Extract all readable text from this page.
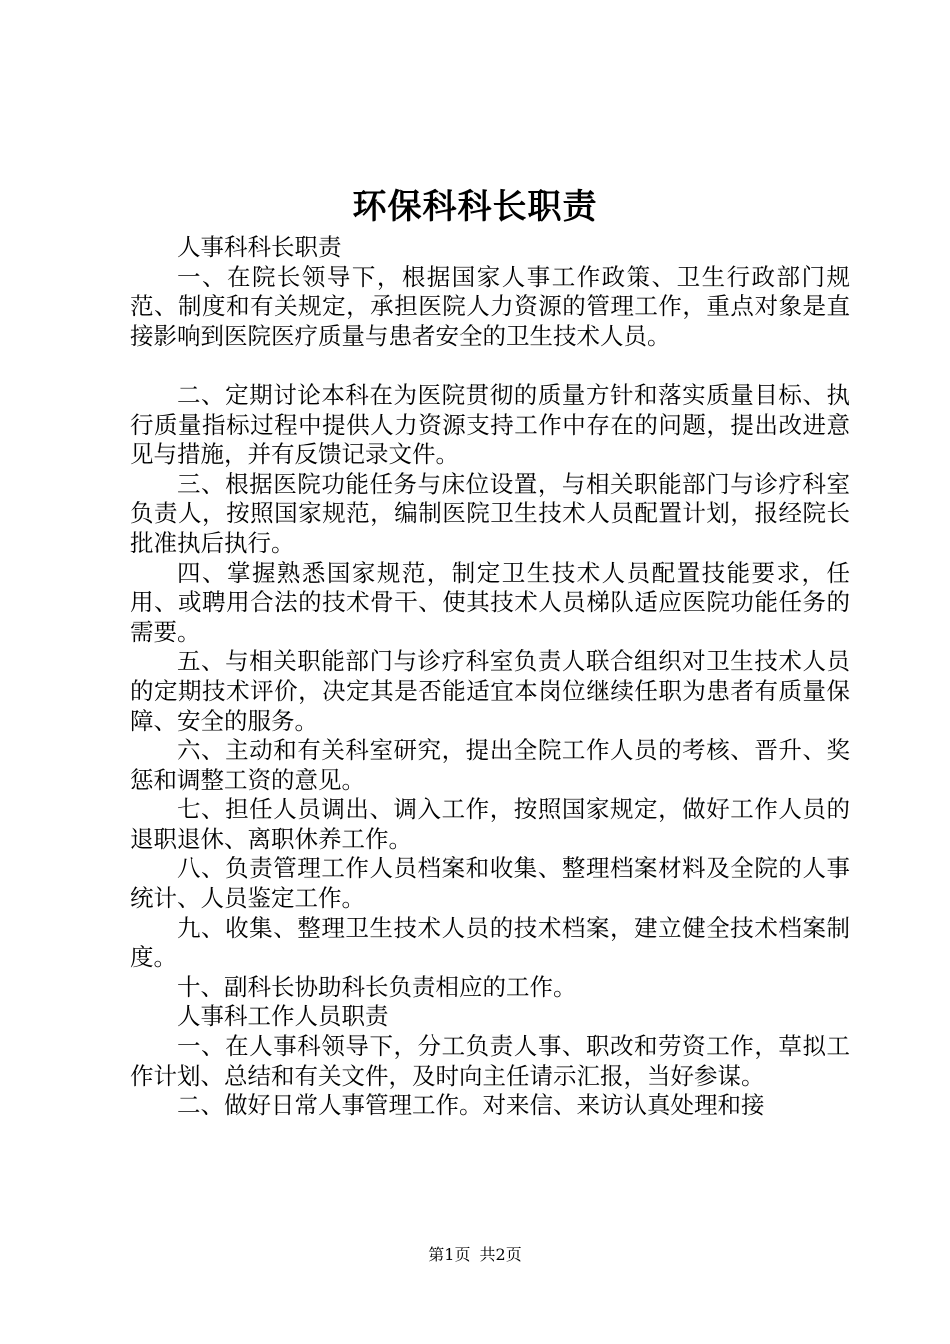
环保科科长职责

人事科科长职责

一、在院长领导下，根据国家人事工作政策、卫生行政部门规范、制度和有关规定，承担医院人力资源的管理工作，重点对象是直接影响到医院医疗质量与患者安全的卫生技术人员。

二、定期讨论本科在为医院贯彻的质量方针和落实质量目标、执行质量指标过程中提供人力资源支持工作中存在的问题，提出改进意见与措施，并有反馈记录文件。

三、根据医院功能任务与床位设置，与相关职能部门与诊疗科室负责人，按照国家规范，编制医院卫生技术人员配置计划，报经院长批准执后执行。

四、掌握熟悉国家规范，制定卫生技术人员配置技能要求，任用、或聘用合法的技术骨干、使其技术人员梯队适应医院功能任务的需要。

五、与相关职能部门与诊疗科室负责人联合组织对卫生技术人员的定期技术评价，决定其是否能适宜本岗位继续任职为患者有质量保障、安全的服务。

六、主动和有关科室研究，提出全院工作人员的考核、晋升、奖惩和调整工资的意见。

七、担任人员调出、调入工作，按照国家规定，做好工作人员的退职退休、离职休养工作。

八、负责管理工作人员档案和收集、整理档案材料及全院的人事统计、人员鉴定工作。

九、收集、整理卫生技术人员的技术档案，建立健全技术档案制度。

十、副科长协助科长负责相应的工作。

人事科工作人员职责

一、在人事科领导下，分工负责人事、职改和劳资工作，草拟工作计划、总结和有关文件，及时向主任请示汇报，当好参谋。

二、做好日常人事管理工作。对来信、来访认真处理和接

第1页 共2页
